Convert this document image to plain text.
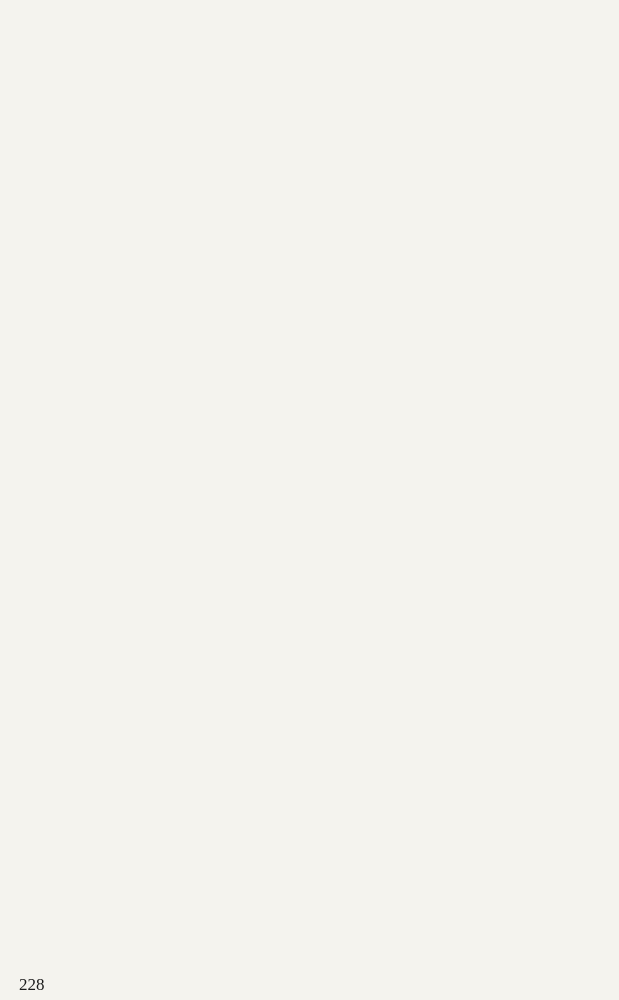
228
